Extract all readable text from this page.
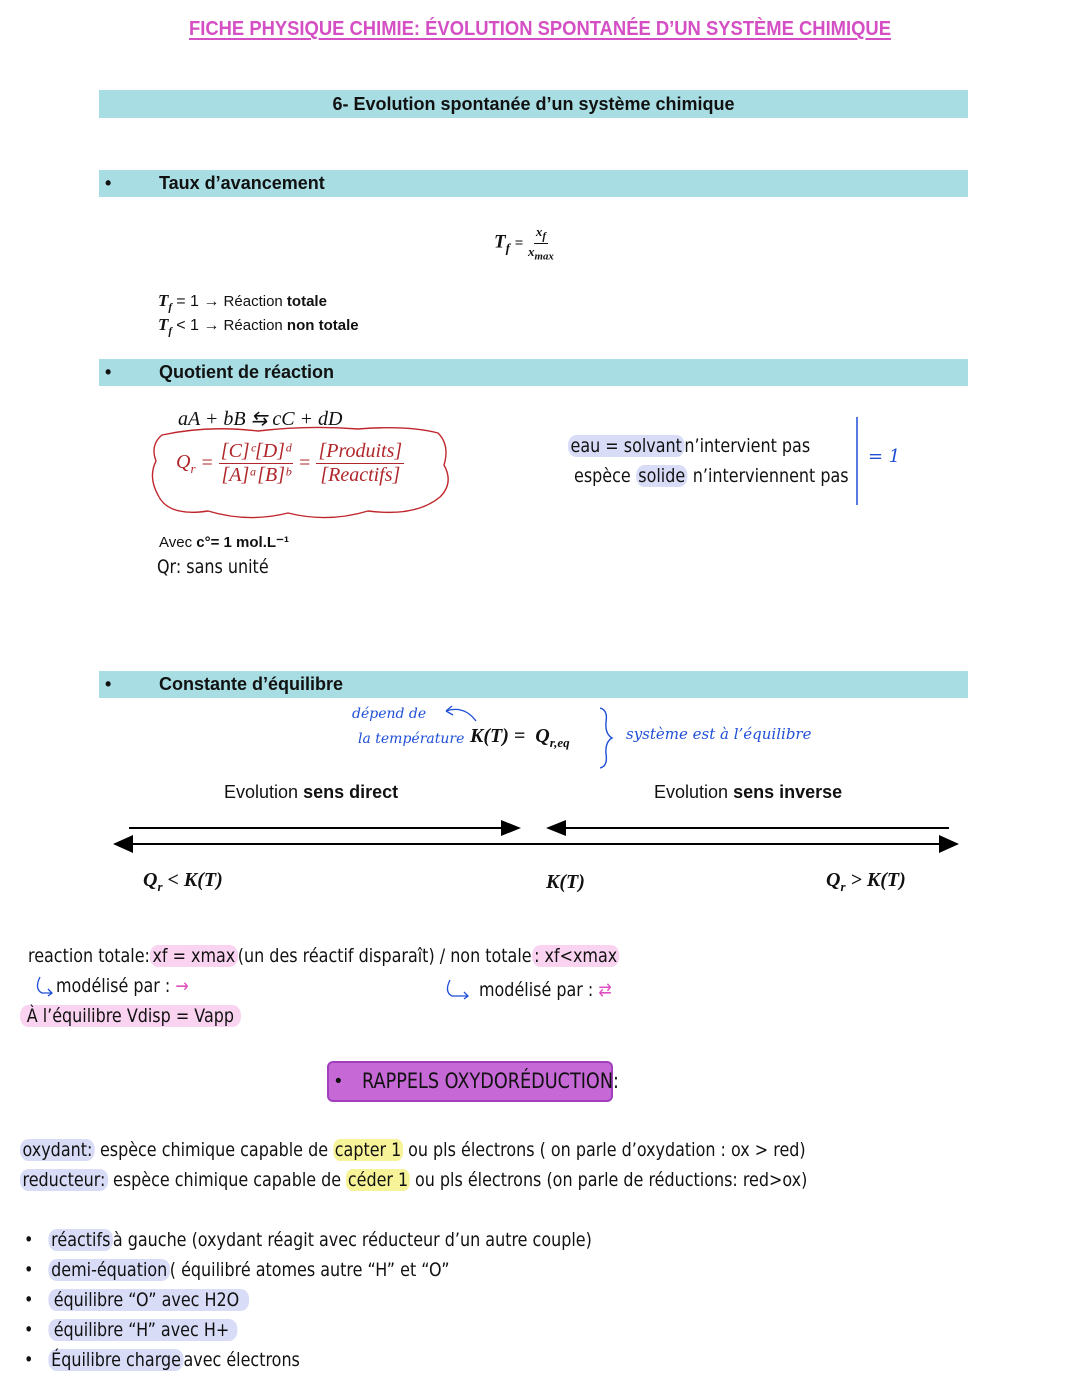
FICHE PHYSIQUE CHIMIE: ÉVOLUTION SPONTANÉE D’UN SYSTÈME CHIMIQUE
6- Evolution spontanée d’un système chimique
•	Taux d’avancement
$T_f = \frac{x_f}{x_{max}}$
$T_f = 1$ → Réaction totale
$T_f < 1$ → Réaction non totale
•	Quotient de réaction
aA + bB ⇆ cC + dD
$Q_r = \frac{\text{[C]ᶜ[D]ᵈ}}{\text{[A]ᵃ[B]ᵇ}} = \frac{\text{[Produits]}}{\text{[Reactifs]}}$
Avec c°= 1 mol.L⁻¹
Qr: sans unité
eau = solvant n’intervient pas
espèce solide n’interviennent pas
= 1
•	Constante d’équilibre
dépend de
la température $K(T) = Q_{r,eq}$	système est à l’équilibre
Evolution sens direct	Evolution sens inverse
$Q_r < K(T)$	K(T)	$Q_r > K(T)$
reaction totale: xf = xmax (un des réactif disparaît) / non totale : xf<xmax
modélisé par : →	modélisé par : ⇄
À l’équilibre Vdisp = Vapp
• RAPPELS OXYDORÉDUCTION:
oxydant: espèce chimique capable de capter 1 ou pls électrons ( on parle d’oxydation : ox > red)
reducteur: espèce chimique capable de céder 1 ou pls électrons (on parle de réductions: red>ox)
• réactifs à gauche (oxydant réagit avec réducteur d’un autre couple)
• demi-équation ( équilibré atomes autre “H” et “O”
• équilibre “O” avec H2O
• équilibre “H” avec H+
• Équilibre charge avec électrons
